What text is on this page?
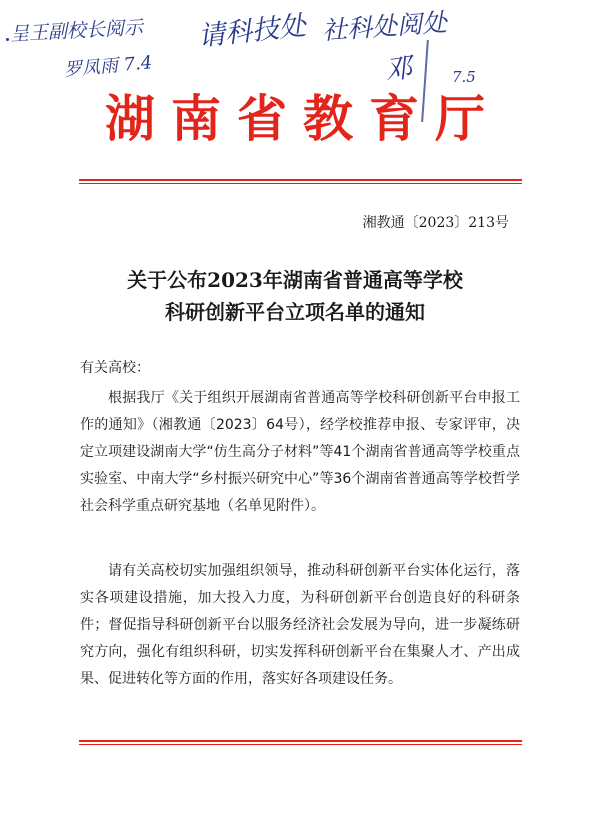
呈王副校长阅示
罗凤雨 7.4
请科技处 社科处阅处
邓	7.5
湖南省教育厅
湘教通〔2023〕213号
关于公布2023年湖南省普通高等学校
科研创新平台立项名单的通知
有关高校：
根据我厅《关于组织开展湖南省普通高等学校科研创新平台申报工作的通知》（湘教通〔2023〕64号），经学校推荐申报、专家评审，决定立项建设湖南大学“仿生高分子材料”等41个湖南省普通高等学校重点实验室、中南大学“乡村振兴研究中心”等36个湖南省普通高等学校哲学社会科学重点研究基地（名单见附件）。
请有关高校切实加强组织领导，推动科研创新平台实体化运行，落实各项建设措施，加大投入力度，为科研创新平台创造良好的科研条件；督促指导科研创新平台以服务经济社会发展为导向，进一步凝练研究方向，强化有组织科研，切实发挥科研创新平台在集聚人才、产出成果、促进转化等方面的作用，落实好各项建设任务。
